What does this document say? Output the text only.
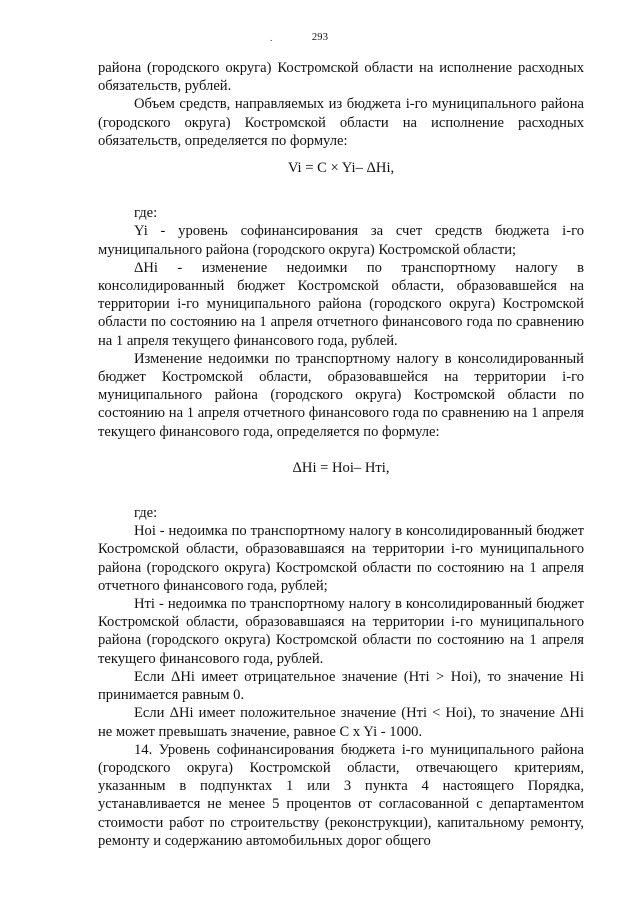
293
.

района (городского округа) Костромской области на исполнение расходных обязательств, рублей.

Объем средств, направляемых из бюджета i-го муниципального района (городского округа) Костромской области на исполнение расходных обязательств, определяется по формуле:

Vi = C × Yi– ΔHi,

где:

Yi - уровень софинансирования за счет средств бюджета i-го муниципального района (городского округа) Костромской области;

ΔHi - изменение недоимки по транспортному налогу в консолидированный бюджет Костромской области, образовавшейся на территории i-го муниципального района (городского округа) Костромской области по состоянию на 1 апреля отчетного финансового года по сравнению на 1 апреля текущего финансового года, рублей.

Изменение недоимки по транспортному налогу в консолидированный бюджет Костромской области, образовавшейся на территории i-го муниципального района (городского округа) Костромской области по состоянию на 1 апреля отчетного финансового года по сравнению на 1 апреля текущего финансового года, определяется по формуле:

ΔHi = Hoi– Hтi,

где:

Hoi - недоимка по транспортному налогу в консолидированный бюджет Костромской области, образовавшаяся на территории i-го муниципального района (городского округа) Костромской области по состоянию на 1 апреля отчетного финансового года, рублей;

Hтi - недоимка по транспортному налогу в консолидированный бюджет Костромской области, образовавшаяся на территории i-го муниципального района (городского округа) Костромской области по состоянию на 1 апреля текущего финансового года, рублей.

Если ΔHi имеет отрицательное значение (Hтi > Hoi), то значение Hi принимается равным 0.

Если ΔHi имеет положительное значение (Hтi < Hoi), то значение ΔHi не может превышать значение, равное C x Yi - 1000.

14. Уровень софинансирования бюджета i-го муниципального района (городского округа) Костромской области, отвечающего критериям, указанным в подпунктах 1 или 3 пункта 4 настоящего Порядка, устанавливается не менее 5 процентов от согласованной с департаментом стоимости работ по строительству (реконструкции), капитальному ремонту, ремонту и содержанию автомобильных дорог общего
